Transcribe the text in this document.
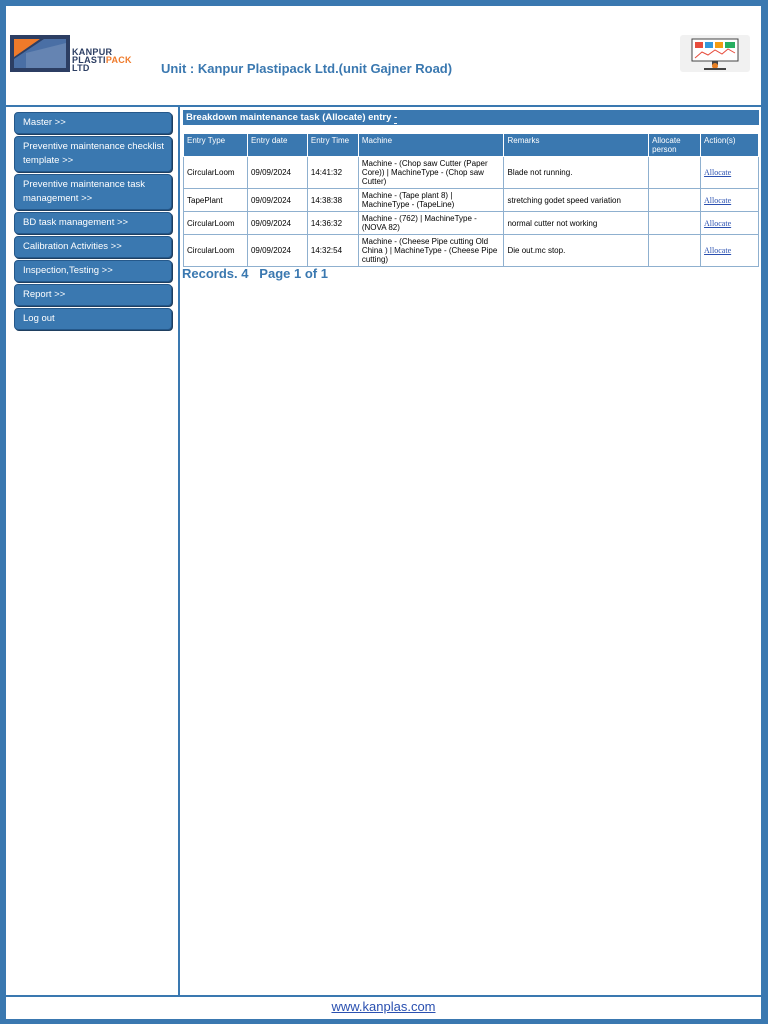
KANPUR
PLASTIPACK
LTD	Unit : Kanpur Plastipack Ltd.(unit Gajner Road)
Master >>
Preventive maintenance checklist template >>
Preventive maintenance task management >>
BD task management >>
Calibration Activities >>
Inspection,Testing >>
Report >>
Log out
Breakdown maintenance task (Allocate) entry -
Entry Type	Entry date	Entry Time	Machine	Remarks	Allocate person	Action(s)
CircularLoom	09/09/2024	14:41:32	Machine - (Chop saw Cutter (Paper Core)) | MachineType - (Chop saw Cutter)	Blade not running.		Allocate
TapePlant	09/09/2024	14:38:38	Machine - (Tape plant 8) | MachineType - (TapeLine)	stretching godet speed variation		Allocate
CircularLoom	09/09/2024	14:36:32	Machine - (762) | MachineType - (NOVA 82)	normal cutter not working		Allocate
CircularLoom	09/09/2024	14:32:54	Machine - (Cheese Pipe cutting Old China ) | MachineType - (Cheese Pipe cutting)	Die out.mc stop.		Allocate
Records. 4   Page 1 of 1
www.kanplas.com
